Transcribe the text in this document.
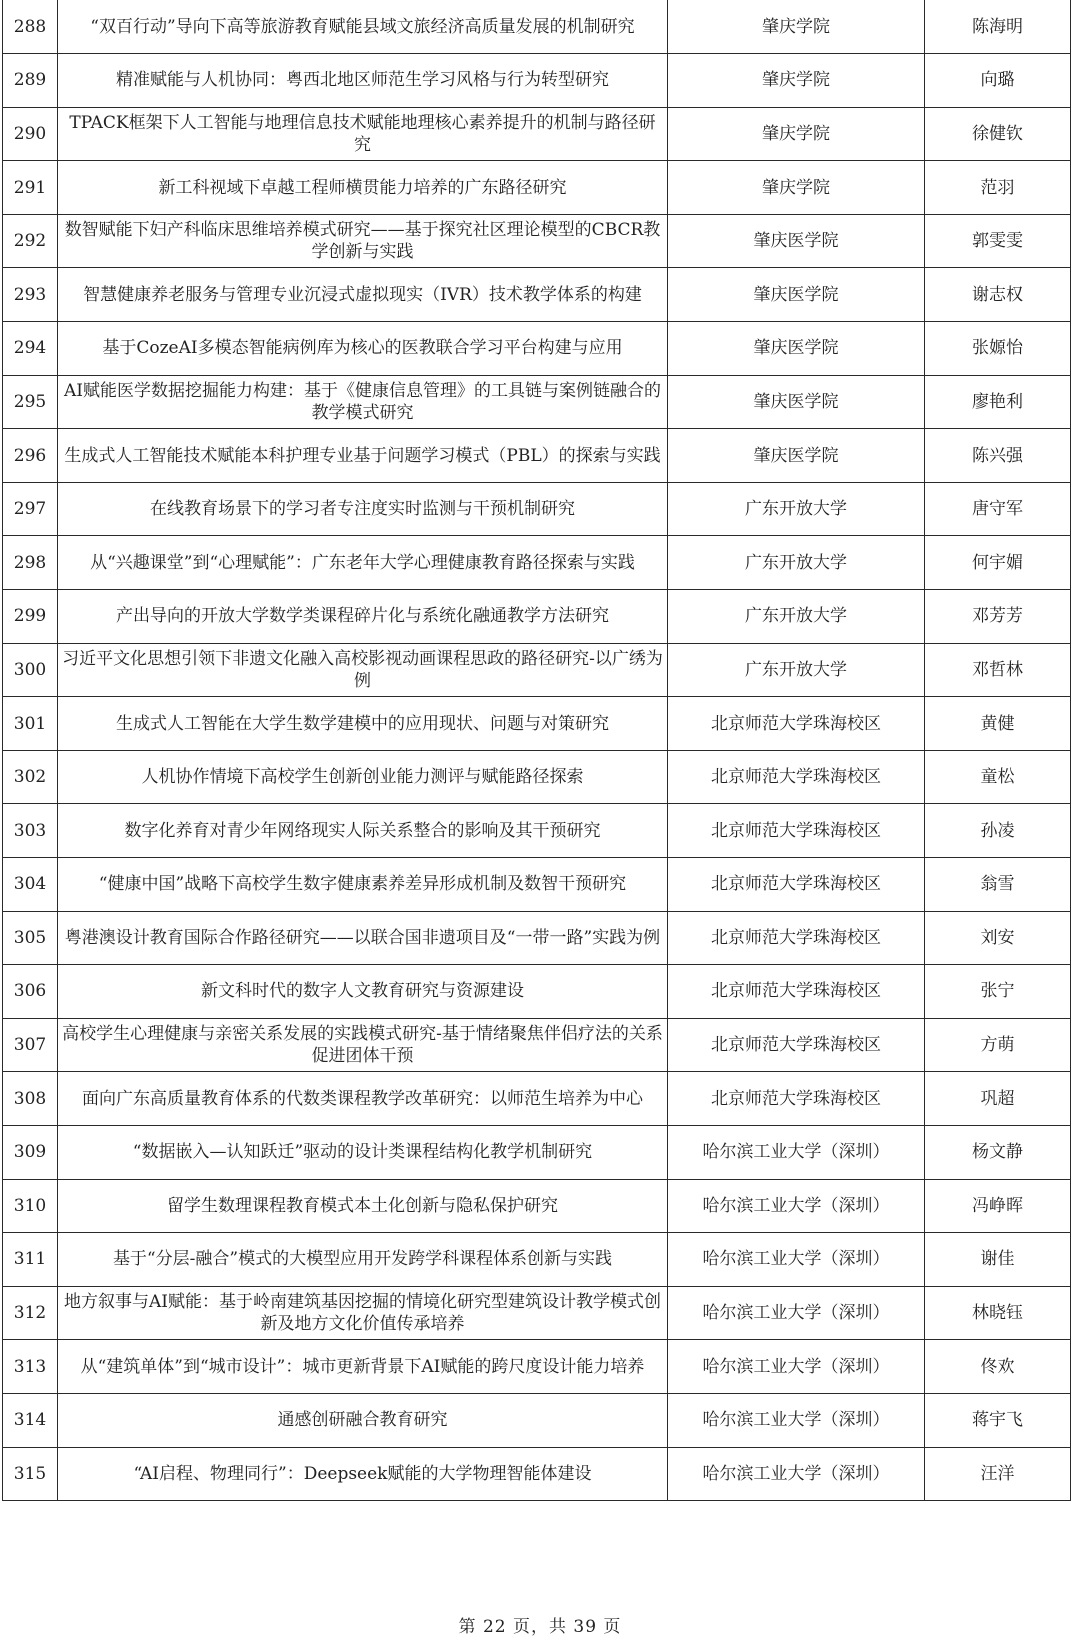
288	“双百行动”导向下高等旅游教育赋能县域文旅经济高质量发展的机制研究	肇庆学院	陈海明
289	精准赋能与人机协同：粤西北地区师范生学习风格与行为转型研究	肇庆学院	向璐
290	TPACK框架下人工智能与地理信息技术赋能地理核心素养提升的机制与路径研究	肇庆学院	徐健钦
291	新工科视域下卓越工程师横贯能力培养的广东路径研究	肇庆学院	范羽
292	数智赋能下妇产科临床思维培养模式研究——基于探究社区理论模型的CBCR教学创新与实践	肇庆医学院	郭雯雯
293	智慧健康养老服务与管理专业沉浸式虚拟现实（IVR）技术教学体系的构建	肇庆医学院	谢志权
294	基于CozeAI多模态智能病例库为核心的医教联合学习平台构建与应用	肇庆医学院	张嫄怡
295	AI赋能医学数据挖掘能力构建：基于《健康信息管理》的工具链与案例链融合的教学模式研究	肇庆医学院	廖艳利
296	生成式人工智能技术赋能本科护理专业基于问题学习模式（PBL）的探索与实践	肇庆医学院	陈兴强
297	在线教育场景下的学习者专注度实时监测与干预机制研究	广东开放大学	唐守军
298	从“兴趣课堂”到“心理赋能”：广东老年大学心理健康教育路径探索与实践	广东开放大学	何宇媚
299	产出导向的开放大学数学类课程碎片化与系统化融通教学方法研究	广东开放大学	邓芳芳
300	习近平文化思想引领下非遗文化融入高校影视动画课程思政的路径研究-以广绣为例	广东开放大学	邓哲林
301	生成式人工智能在大学生数学建模中的应用现状、问题与对策研究	北京师范大学珠海校区	黄健
302	人机协作情境下高校学生创新创业能力测评与赋能路径探索	北京师范大学珠海校区	童松
303	数字化养育对青少年网络现实人际关系整合的影响及其干预研究	北京师范大学珠海校区	孙凌
304	“健康中国”战略下高校学生数字健康素养差异形成机制及数智干预研究	北京师范大学珠海校区	翁雪
305	粤港澳设计教育国际合作路径研究——以联合国非遗项目及“一带一路”实践为例	北京师范大学珠海校区	刘安
306	新文科时代的数字人文教育研究与资源建设	北京师范大学珠海校区	张宁
307	高校学生心理健康与亲密关系发展的实践模式研究-基于情绪聚焦伴侣疗法的关系促进团体干预	北京师范大学珠海校区	方萌
308	面向广东高质量教育体系的代数类课程教学改革研究：以师范生培养为中心	北京师范大学珠海校区	巩超
309	“数据嵌入—认知跃迁”驱动的设计类课程结构化教学机制研究	哈尔滨工业大学（深圳）	杨文静
310	留学生数理课程教育模式本土化创新与隐私保护研究	哈尔滨工业大学（深圳）	冯峥晖
311	基于“分层-融合”模式的大模型应用开发跨学科课程体系创新与实践	哈尔滨工业大学（深圳）	谢佳
312	地方叙事与AI赋能：基于岭南建筑基因挖掘的情境化研究型建筑设计教学模式创新及地方文化价值传承培养	哈尔滨工业大学（深圳）	林晓钰
313	从“建筑单体”到“城市设计”：城市更新背景下AI赋能的跨尺度设计能力培养	哈尔滨工业大学（深圳）	佟欢
314	通感创研融合教育研究	哈尔滨工业大学（深圳）	蒋宇飞
315	“AI启程、物理同行”：Deepseek赋能的大学物理智能体建设	哈尔滨工业大学（深圳）	汪洋
第 22 页，共 39 页
